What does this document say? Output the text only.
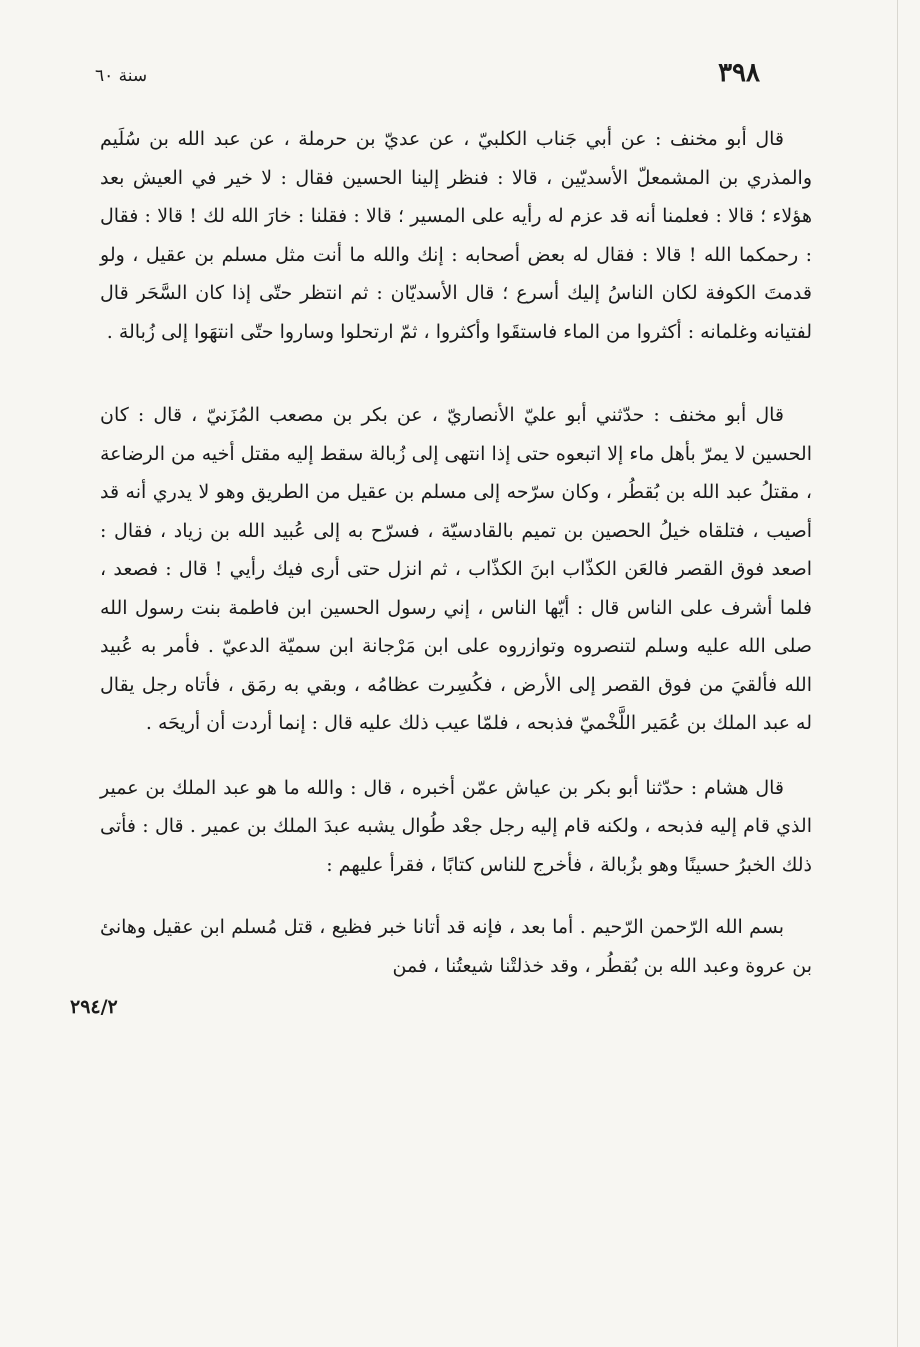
٣٩٨
سنة ٦٠
٢٩٤/٢

قال أبو مخنف : عن أبي جَناب الكلبيّ ، عن عديّ بن حرملة ، عن عبد الله بن سُلَيم والمذري بن المشمعلّ الأسديّين ، قالا : فنظر إلينا الحسين فقال : لا خير في العيش بعد هؤلاء ؛ قالا : فعلمنا أنه قد عزم له رأيه على المسير ؛ قالا : فقلنا : خارَ الله لك ! قالا : فقال : رحمكما الله ! قالا : فقال له بعض أصحابه : إنك والله ما أنت مثل مسلم بن عقيل ، ولو قدمتَ الكوفة لكان الناسُ إليك أسرع ؛ قال الأسديّان : ثم انتظر حتّى إذا كان السَّحَر قال لفتيانه وغلمانه : أكثروا من الماء فاستقَوا وأكثروا ، ثمّ ارتحلوا وساروا حتّى انتهَوا إلى زُبالة .

قال أبو مخنف : حدّثني أبو عليّ الأنصاريّ ، عن بكر بن مصعب المُزَنيّ ، قال : كان الحسين لا يمرّ بأهل ماء إلا اتبعوه حتى إذا انتهى إلى زُبالة سقط إليه مقتل أخيه من الرضاعة ، مقتلُ عبد الله بن بُقطُر ، وكان سرّحه إلى مسلم بن عقيل من الطريق وهو لا يدري أنه قد أصيب ، فتلقاه خيلُ الحصين بن تميم بالقادسيّة ، فسرّح به إلى عُبيد الله بن زياد ، فقال : اصعد فوق القصر فالعَن الكذّاب ابنَ الكذّاب ، ثم انزل حتى أرى فيك رأيي ! قال : فصعد ، فلما أشرف على الناس قال : أيّها الناس ، إني رسول الحسين ابن فاطمة بنت رسول الله صلى الله عليه وسلم لتنصروه وتوازروه على ابن مَرْجانة ابن سميّة الدعيّ . فأمر به عُبيد الله فألقيَ من فوق القصر إلى الأرض ، فكُسِرت عظامُه ، وبقي به رمَق ، فأتاه رجل يقال له عبد الملك بن عُمَير اللَّخْميّ فذبحه ، فلمّا عيب ذلك عليه قال : إنما أردت أن أريحَه .

قال هشام : حدّثنا أبو بكر بن عياش عمّن أخبره ، قال : والله ما هو عبد الملك بن عمير الذي قام إليه فذبحه ، ولكنه قام إليه رجل جعْد طُوال يشبه عبدَ الملك بن عمير . قال : فأتى ذلك الخبرُ حسينًا وهو بزُبالة ، فأخرج للناس كتابًا ، فقرأ عليهم :

بسم الله الرّحمن الرّحيم . أما بعد ، فإنه قد أتانا خبر فظيع ، قتل مُسلم ابن عقيل وهانئ بن عروة وعبد الله بن بُقطُر ، وقد خذلتْنا شيعتُنا ، فمن
